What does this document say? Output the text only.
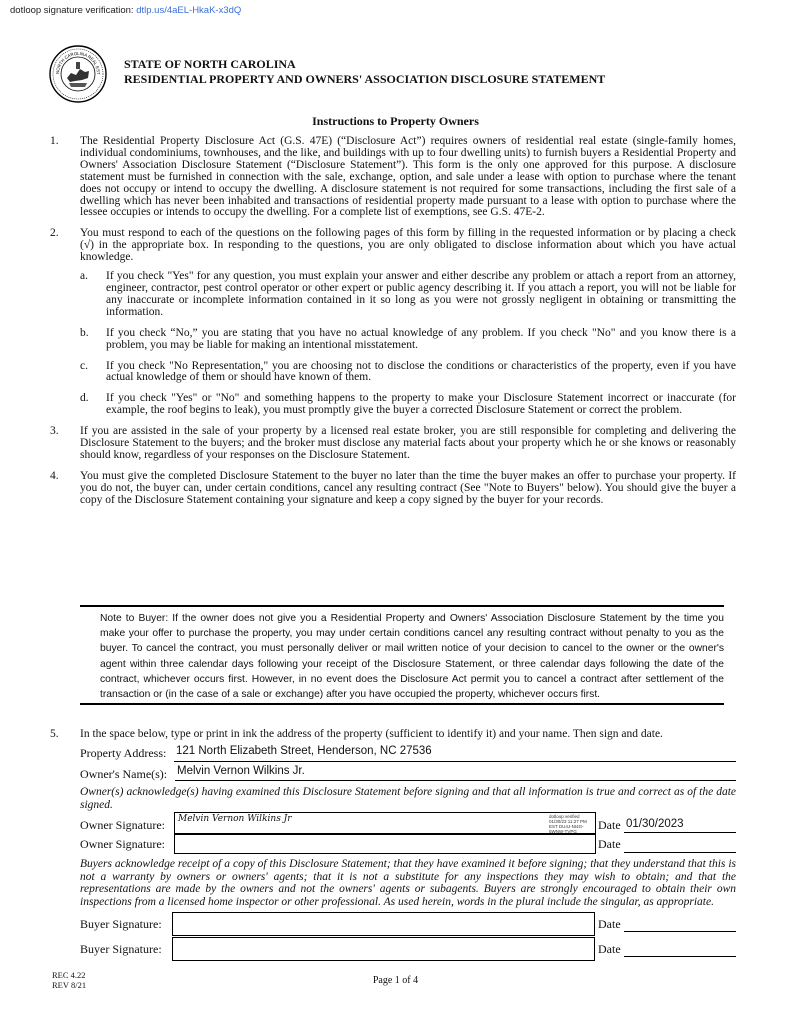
dotloop signature verification: dtlp.us/4aEL-HkaK-x3dQ
NORTH CAROLINA REAL EST
STATE OF NORTH CAROLINA
RESIDENTIAL PROPERTY AND OWNERS' ASSOCIATION DISCLOSURE STATEMENT
Instructions to Property Owners
1.	The Residential Property Disclosure Act (G.S. 47E) (“Disclosure Act”) requires owners of residential real estate (single-family homes, individual condominiums, townhouses, and the like, and buildings with up to four dwelling units) to furnish buyers a Residential Property and Owners' Association Disclosure Statement (“Disclosure Statement”). This form is the only one approved for this purpose. A disclosure statement must be furnished in connection with the sale, exchange, option, and sale under a lease with option to purchase where the tenant does not occupy or intend to occupy the dwelling. A disclosure statement is not required for some transactions, including the first sale of a dwelling which has never been inhabited and transactions of residential property made pursuant to a lease with option to purchase where the lessee occupies or intends to occupy the dwelling. For a complete list of exemptions, see G.S. 47E-2.
2.	You must respond to each of the questions on the following pages of this form by filling in the requested information or by placing a check (√) in the appropriate box. In responding to the questions, you are only obligated to disclose information about which you have actual knowledge.
a.	If you check "Yes" for any question, you must explain your answer and either describe any problem or attach a report from an attorney, engineer, contractor, pest control operator or other expert or public agency describing it. If you attach a report, you will not be liable for any inaccurate or incomplete information contained in it so long as you were not grossly negligent in obtaining or transmitting the information.
b.	If you check “No,” you are stating that you have no actual knowledge of any problem. If you check "No" and you know there is a problem, you may be liable for making an intentional misstatement.
c.	If you check "No Representation," you are choosing not to disclose the conditions or characteristics of the property, even if you have actual knowledge of them or should have known of them.
d.	If you check "Yes" or "No" and something happens to the property to make your Disclosure Statement incorrect or inaccurate (for example, the roof begins to leak), you must promptly give the buyer a corrected Disclosure Statement or correct the problem.
3.	If you are assisted in the sale of your property by a licensed real estate broker, you are still responsible for completing and delivering the Disclosure Statement to the buyers; and the broker must disclose any material facts about your property which he or she knows or reasonably should know, regardless of your responses on the Disclosure Statement.
4.	You must give the completed Disclosure Statement to the buyer no later than the time the buyer makes an offer to purchase your property. If you do not, the buyer can, under certain conditions, cancel any resulting contract (See "Note to Buyers" below). You should give the buyer a copy of the Disclosure Statement containing your signature and keep a copy signed by the buyer for your records.
Note to Buyer: If the owner does not give you a Residential Property and Owners' Association Disclosure Statement by the time you make your offer to purchase the property, you may under certain conditions cancel any resulting contract without penalty to you as the buyer. To cancel the contract, you must personally deliver or mail written notice of your decision to cancel to the owner or the owner's agent within three calendar days following your receipt of the Disclosure Statement, or three calendar days following the date of the contract, whichever occurs first. However, in no event does the Disclosure Act permit you to cancel a contract after settlement of the transaction or (in the case of a sale or exchange) after you have occupied the property, whichever occurs first.
5.	In the space below, type or print in ink the address of the property (sufficient to identify it) and your name. Then sign and date.
Property Address: 121 North Elizabeth Street, Henderson, NC 27536
Owner's Name(s): Melvin Vernon Wilkins Jr.
Owner(s) acknowledge(s) having examined this Disclosure Statement before signing and that all information is true and correct as of the date signed.
Owner Signature: Melvin Vernon Wilkins Jr	dotloop verified 01/30/23 11:27 PM EST DU4J-NI4G-5WNW-TVPG	Date 01/30/2023
Owner Signature:	Date
Buyers acknowledge receipt of a copy of this Disclosure Statement; that they have examined it before signing; that they understand that this is not a warranty by owners or owners' agents; that it is not a substitute for any inspections they may wish to obtain; and that the representations are made by the owners and not the owners' agents or subagents. Buyers are strongly encouraged to obtain their own inspections from a licensed home inspector or other professional. As used herein, words in the plural include the singular, as appropriate.
Buyer Signature:	Date
Buyer Signature:	Date
REC 4.22
REV 8/21	Page 1 of 4
